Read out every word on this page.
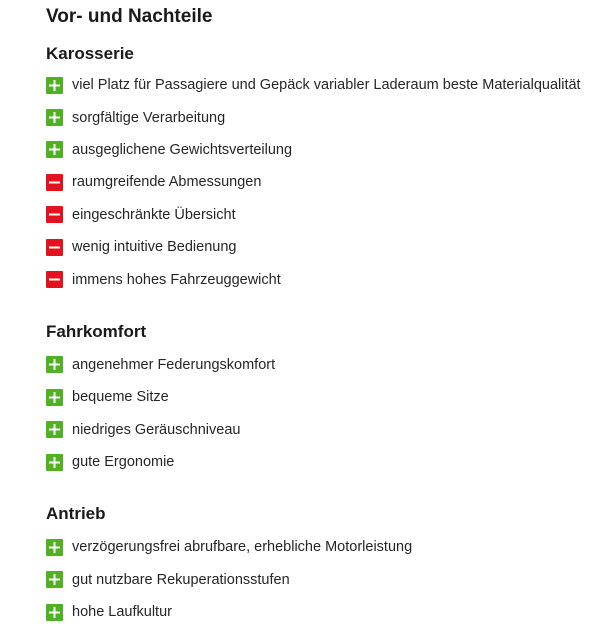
Vor- und Nachteile
Karosserie
viel Platz für Passagiere und Gepäck variabler Laderaum beste Materialqualität
sorgfältige Verarbeitung
ausgeglichene Gewichtsverteilung
raumgreifende Abmessungen
eingeschränkte Übersicht
wenig intuitive Bedienung
immens hohes Fahrzeuggewicht
Fahrkomfort
angenehmer Federungskomfort
bequeme Sitze
niedriges Geräuschniveau
gute Ergonomie
Antrieb
verzögerungsfrei abrufbare, erhebliche Motorleistung
gut nutzbare Rekuperationsstufen
hohe Laufkultur
